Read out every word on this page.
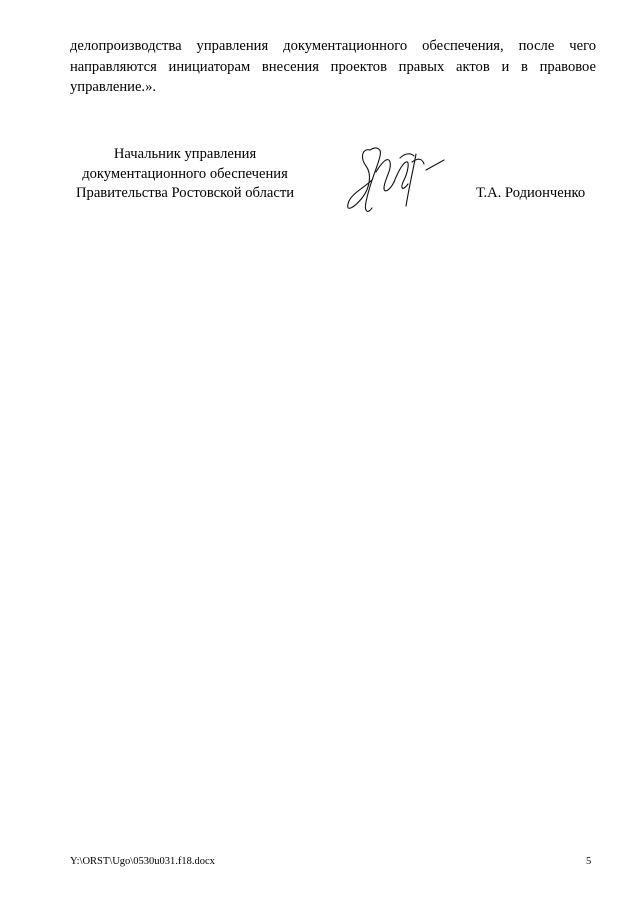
делопроизводства управления документационного обеспечения, после чего
направляются инициаторам внесения проектов правых актов и в правовое
управление.».
Начальник управления
документационного обеспечения
Правительства Ростовской области	Т.А. Родионченко
Y:\ORST\Ugo\0530u031.f18.docx	5
